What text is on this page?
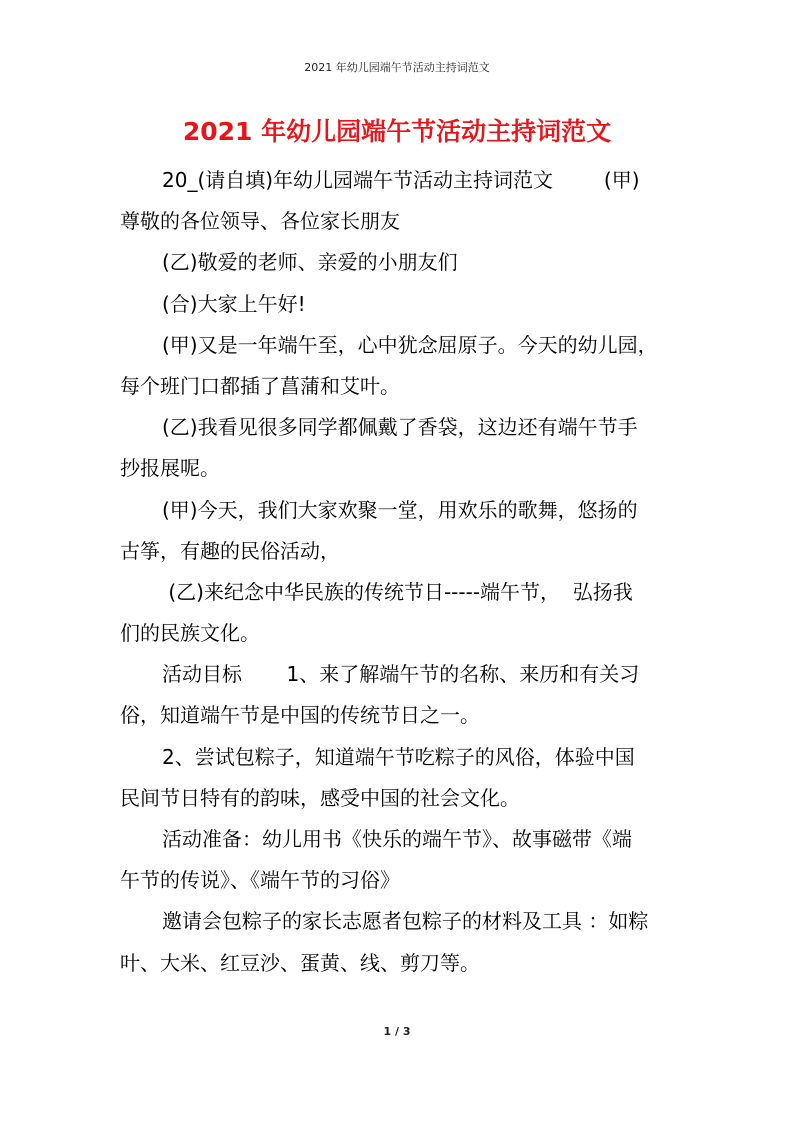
2021 年幼儿园端午节活动主持词范文
2021 年幼儿园端午节活动主持词范文
20_(请自填)年幼儿园端午节活动主持词范文        (甲)
尊敬的各位领导、各位家长朋友
(乙)敬爱的老师、亲爱的小朋友们
(合)大家上午好!
(甲)又是一年端午至，心中犹念屈原子。今天的幼儿园，
每个班门口都插了菖蒲和艾叶。
(乙)我看见很多同学都佩戴了香袋，这边还有端午节手
抄报展呢。
(甲)今天，我们大家欢聚一堂，用欢乐的歌舞，悠扬的
古筝，有趣的民俗活动，
(乙)来纪念中华民族的传统节日-----端午节，  弘扬我
们的民族文化。
活动目标       1、来了解端午节的名称、来历和有关习
俗，知道端午节是中国的传统节日之一。
2、尝试包粽子，知道端午节吃粽子的风俗，体验中国
民间节日特有的韵味，感受中国的社会文化。
活动准备：幼儿用书《快乐的端午节》、故事磁带《端
午节的传说》、《端午节的习俗》
邀请会包粽子的家长志愿者包粽子的材料及工具 ：如粽
叶、大米、红豆沙、蛋黄、线、剪刀等。
1 / 3
